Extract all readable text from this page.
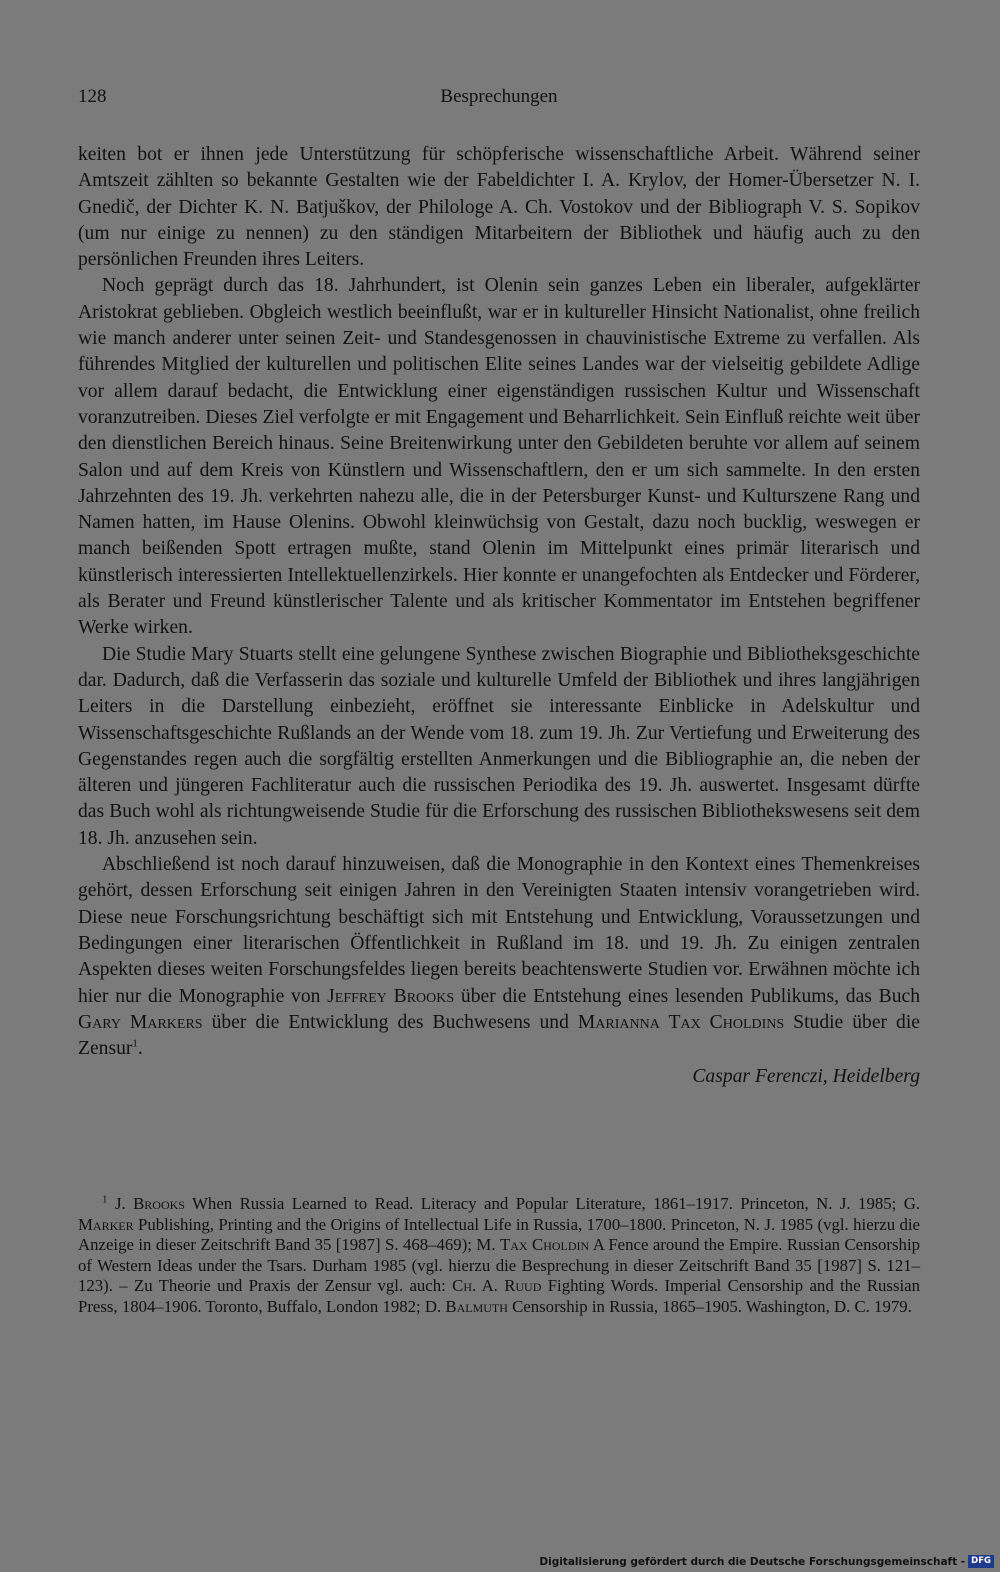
128	Besprechungen

keiten bot er ihnen jede Unterstützung für schöpferische wissenschaftliche Arbeit. Während seiner Amtszeit zählten so bekannte Gestalten wie der Fabeldichter I. A. Krylov, der Homer-Übersetzer N. I. Gnedič, der Dichter K. N. Batjuškov, der Philologe A. Ch. Vostokov und der Bibliograph V. S. Sopikov (um nur einige zu nennen) zu den ständigen Mitarbeitern der Bibliothek und häufig auch zu den persönlichen Freunden ihres Leiters.

Noch geprägt durch das 18. Jahrhundert, ist Olenin sein ganzes Leben ein liberaler, aufgeklärter Aristokrat geblieben. Obgleich westlich beeinflußt, war er in kultureller Hinsicht Nationalist, ohne freilich wie manch anderer unter seinen Zeit- und Standesgenossen in chauvinistische Extreme zu verfallen. Als führendes Mitglied der kulturellen und politischen Elite seines Landes war der vielseitig gebildete Adlige vor allem darauf bedacht, die Entwicklung einer eigenständigen russischen Kultur und Wissenschaft voranzutreiben. Dieses Ziel verfolgte er mit Engagement und Beharrlichkeit. Sein Einfluß reichte weit über den dienstlichen Bereich hinaus. Seine Breitenwirkung unter den Gebildeten beruhte vor allem auf seinem Salon und auf dem Kreis von Künstlern und Wissenschaftlern, den er um sich sammelte. In den ersten Jahrzehnten des 19. Jh. verkehrten nahezu alle, die in der Petersburger Kunst- und Kulturszene Rang und Namen hatten, im Hause Olenins. Obwohl kleinwüchsig von Gestalt, dazu noch bucklig, weswegen er manch beißenden Spott ertragen mußte, stand Olenin im Mittelpunkt eines primär literarisch und künstlerisch interessierten Intellektuellenzirkels. Hier konnte er unangefochten als Entdecker und Förderer, als Berater und Freund künstlerischer Talente und als kritischer Kommentator im Entstehen begriffener Werke wirken.

Die Studie Mary Stuarts stellt eine gelungene Synthese zwischen Biographie und Bibliotheksgeschichte dar. Dadurch, daß die Verfasserin das soziale und kulturelle Umfeld der Bibliothek und ihres langjährigen Leiters in die Darstellung einbezieht, eröffnet sie interessante Einblicke in Adelskultur und Wissenschaftsgeschichte Rußlands an der Wende vom 18. zum 19. Jh. Zur Vertiefung und Erweiterung des Gegenstandes regen auch die sorgfältig erstellten Anmerkungen und die Bibliographie an, die neben der älteren und jüngeren Fachliteratur auch die russischen Periodika des 19. Jh. auswertet. Insgesamt dürfte das Buch wohl als richtungweisende Studie für die Erforschung des russischen Bibliothekswesens seit dem 18. Jh. anzusehen sein.

Abschließend ist noch darauf hinzuweisen, daß die Monographie in den Kontext eines Themenkreises gehört, dessen Erforschung seit einigen Jahren in den Vereinigten Staaten intensiv vorangetrieben wird. Diese neue Forschungsrichtung beschäftigt sich mit Entstehung und Entwicklung, Voraussetzungen und Bedingungen einer literarischen Öffentlichkeit in Rußland im 18. und 19. Jh. Zu einigen zentralen Aspekten dieses weiten Forschungsfeldes liegen bereits beachtenswerte Studien vor. Erwähnen möchte ich hier nur die Monographie von Jeffrey Brooks über die Entstehung eines lesenden Publikums, das Buch Gary Markers über die Entwicklung des Buchwesens und Marianna Tax Choldins Studie über die Zensur$^1$.

Caspar Ferenczi, Heidelberg

$^1$ J. Brooks When Russia Learned to Read. Literacy and Popular Literature, 1861–1917. Princeton, N. J. 1985; G. Marker Publishing, Printing and the Origins of Intellectual Life in Russia, 1700–1800. Princeton, N. J. 1985 (vgl. hierzu die Anzeige in dieser Zeitschrift Band 35 [1987] S. 468–469); M. Tax Choldin A Fence around the Empire. Russian Censorship of Western Ideas under the Tsars. Durham 1985 (vgl. hierzu die Besprechung in dieser Zeitschrift Band 35 [1987] S. 121–123). – Zu Theorie und Praxis der Zensur vgl. auch: Ch. A. Ruud Fighting Words. Imperial Censorship and the Russian Press, 1804–1906. Toronto, Buffalo, London 1982; D. Balmuth Censorship in Russia, 1865–1905. Washington, D. C. 1979.

Digitalisierung gefördert durch die Deutsche Forschungsgemeinschaft - DFG
